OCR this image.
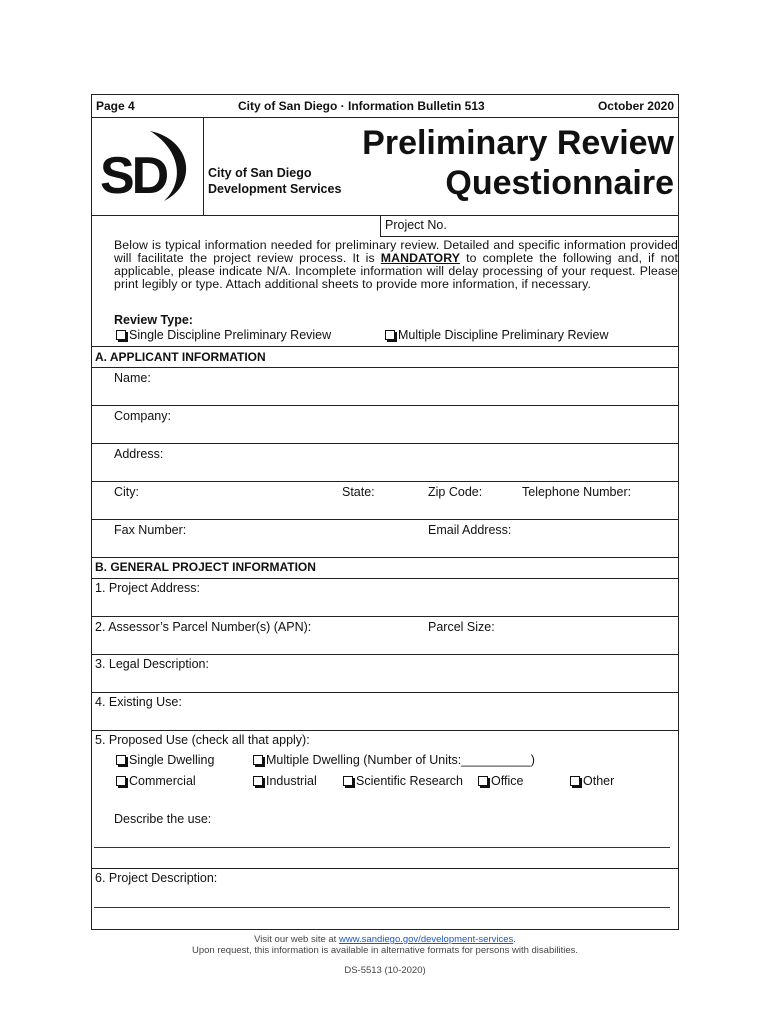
Page 4	City of San Diego · Information Bulletin 513	October 2020
SD	City of San Diego
Development Services
Preliminary Review
Questionnaire
Project No.
Below is typical information needed for preliminary review. Detailed and specific information provided will facilitate the project review process. It is MANDATORY to complete the following and, if not applicable, please indicate N/A. Incomplete information will delay processing of your request. Please print legibly or type. Attach additional sheets to provide more information, if necessary.
Review Type:
Single Discipline Preliminary Review	Multiple Discipline Preliminary Review
A. APPLICANT INFORMATION
Name:
Company:
Address:
City:	State:	Zip Code:	Telephone Number:
Fax Number:	Email Address:
B. GENERAL PROJECT INFORMATION
1. Project Address:
2. Assessor’s Parcel Number(s) (APN):	Parcel Size:
3. Legal Description:
4. Existing Use:
5. Proposed Use (check all that apply):
Single Dwelling	Multiple Dwelling (Number of Units:__________)
Commercial	Industrial	Scientific Research	Office	Other
Describe the use:
6. Project Description:
Visit our web site at www.sandiego.gov/development-services.
Upon request, this information is available in alternative formats for persons with disabilities.
DS-5513 (10-2020)
